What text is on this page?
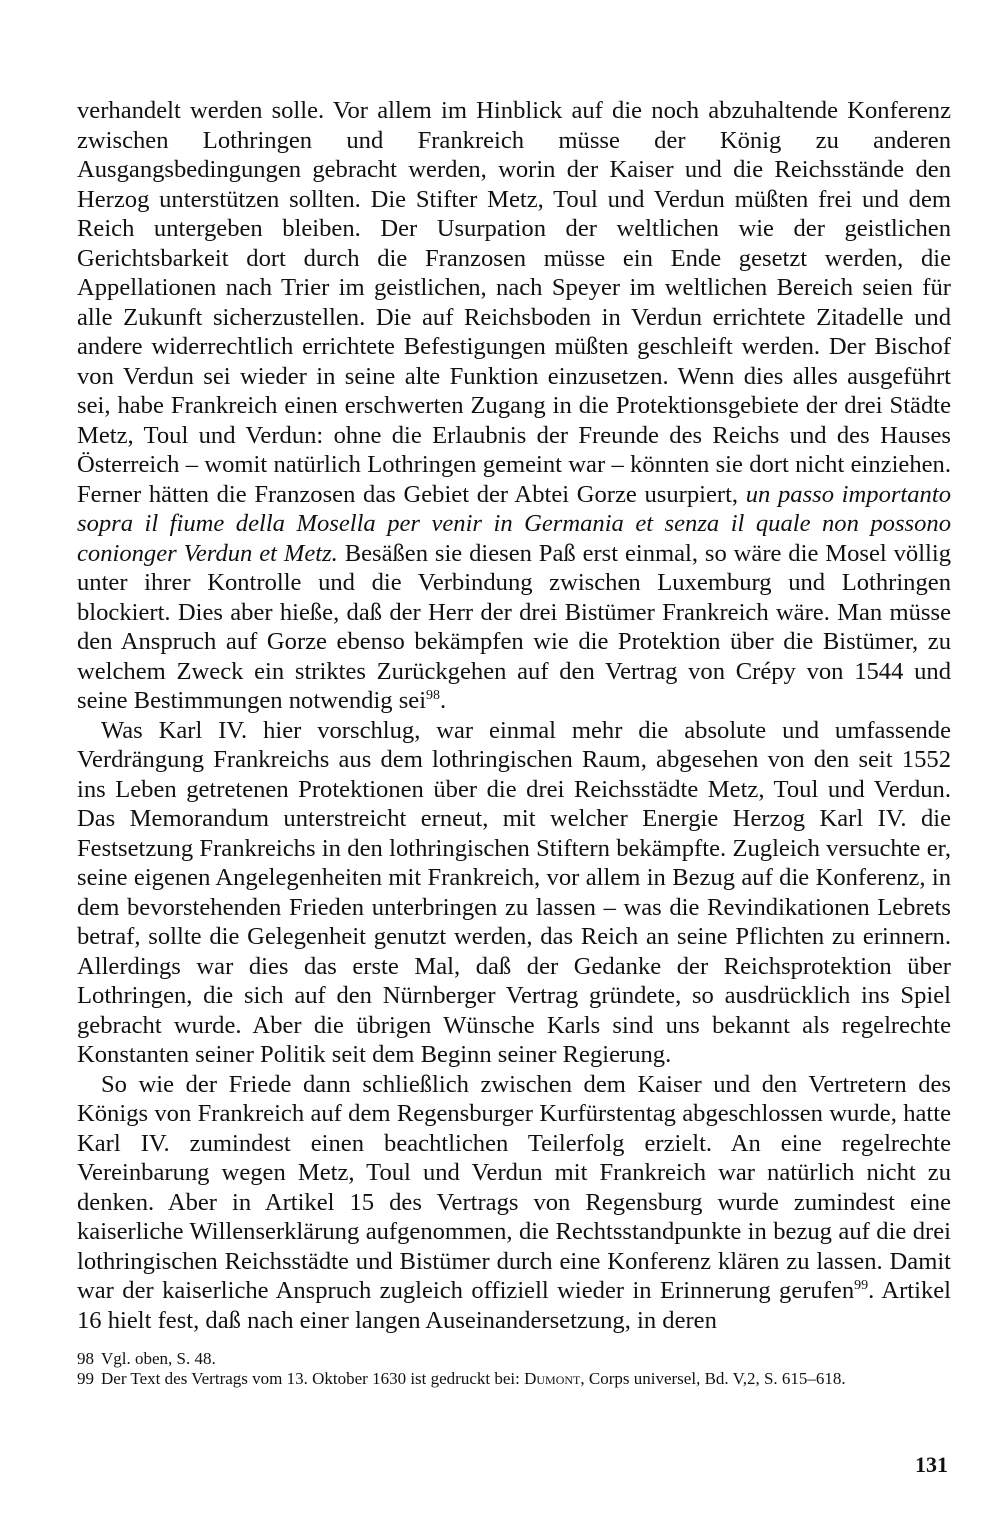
verhandelt werden solle. Vor allem im Hinblick auf die noch abzuhaltende Konferenz zwischen Lothringen und Frankreich müsse der König zu anderen Ausgangsbedingungen gebracht werden, worin der Kaiser und die Reichsstände den Herzog unterstützen sollten. Die Stifter Metz, Toul und Verdun müßten frei und dem Reich untergeben bleiben. Der Usurpation der weltlichen wie der geistlichen Gerichtsbarkeit dort durch die Franzosen müsse ein Ende gesetzt werden, die Appellationen nach Trier im geistlichen, nach Speyer im weltlichen Bereich seien für alle Zukunft sicherzustellen. Die auf Reichsboden in Verdun errichtete Zitadelle und andere widerrechtlich errichtete Befestigungen müßten geschleift werden. Der Bischof von Verdun sei wieder in seine alte Funktion einzusetzen. Wenn dies alles ausgeführt sei, habe Frankreich einen erschwerten Zugang in die Protektionsgebiete der drei Städte Metz, Toul und Verdun: ohne die Erlaubnis der Freunde des Reichs und des Hauses Österreich – womit natürlich Lothringen gemeint war – könnten sie dort nicht einziehen. Ferner hätten die Franzosen das Gebiet der Abtei Gorze usurpiert, un passo importanto sopra il fiume della Mosella per venir in Germania et senza il quale non possono conionger Verdun et Metz. Besäßen sie diesen Paß erst einmal, so wäre die Mosel völlig unter ihrer Kontrolle und die Verbindung zwischen Luxemburg und Lothringen blockiert. Dies aber hieße, daß der Herr der drei Bistümer Frankreich wäre. Man müsse den Anspruch auf Gorze ebenso bekämpfen wie die Protektion über die Bistümer, zu welchem Zweck ein striktes Zurückgehen auf den Vertrag von Crépy von 1544 und seine Bestimmungen notwendig sei$^{98}$.

Was Karl IV. hier vorschlug, war einmal mehr die absolute und umfassende Verdrängung Frankreichs aus dem lothringischen Raum, abgesehen von den seit 1552 ins Leben getretenen Protektionen über die drei Reichsstädte Metz, Toul und Verdun. Das Memorandum unterstreicht erneut, mit welcher Energie Herzog Karl IV. die Festsetzung Frankreichs in den lothringischen Stiftern bekämpfte. Zugleich versuchte er, seine eigenen Angelegenheiten mit Frankreich, vor allem in Bezug auf die Konferenz, in dem bevorstehenden Frieden unterbringen zu lassen – was die Revindikationen Lebrets betraf, sollte die Gelegenheit genutzt werden, das Reich an seine Pflichten zu erinnern. Allerdings war dies das erste Mal, daß der Gedanke der Reichsprotektion über Lothringen, die sich auf den Nürnberger Vertrag gründete, so ausdrücklich ins Spiel gebracht wurde. Aber die übrigen Wünsche Karls sind uns bekannt als regelrechte Konstanten seiner Politik seit dem Beginn seiner Regierung.

So wie der Friede dann schließlich zwischen dem Kaiser und den Vertretern des Königs von Frankreich auf dem Regensburger Kurfürstentag abgeschlossen wurde, hatte Karl IV. zumindest einen beachtlichen Teilerfolg erzielt. An eine regelrechte Vereinbarung wegen Metz, Toul und Verdun mit Frankreich war natürlich nicht zu denken. Aber in Artikel 15 des Vertrags von Regensburg wurde zumindest eine kaiserliche Willenserklärung aufgenommen, die Rechtsstandpunkte in bezug auf die drei lothringischen Reichsstädte und Bistümer durch eine Konferenz klären zu lassen. Damit war der kaiserliche Anspruch zugleich offiziell wieder in Erinnerung gerufen$^{99}$. Artikel 16 hielt fest, daß nach einer langen Auseinandersetzung, in deren

98 Vgl. oben, S. 48.
99 Der Text des Vertrags vom 13. Oktober 1630 ist gedruckt bei: Dumont, Corps universel, Bd. V,2, S. 615–618.
131
